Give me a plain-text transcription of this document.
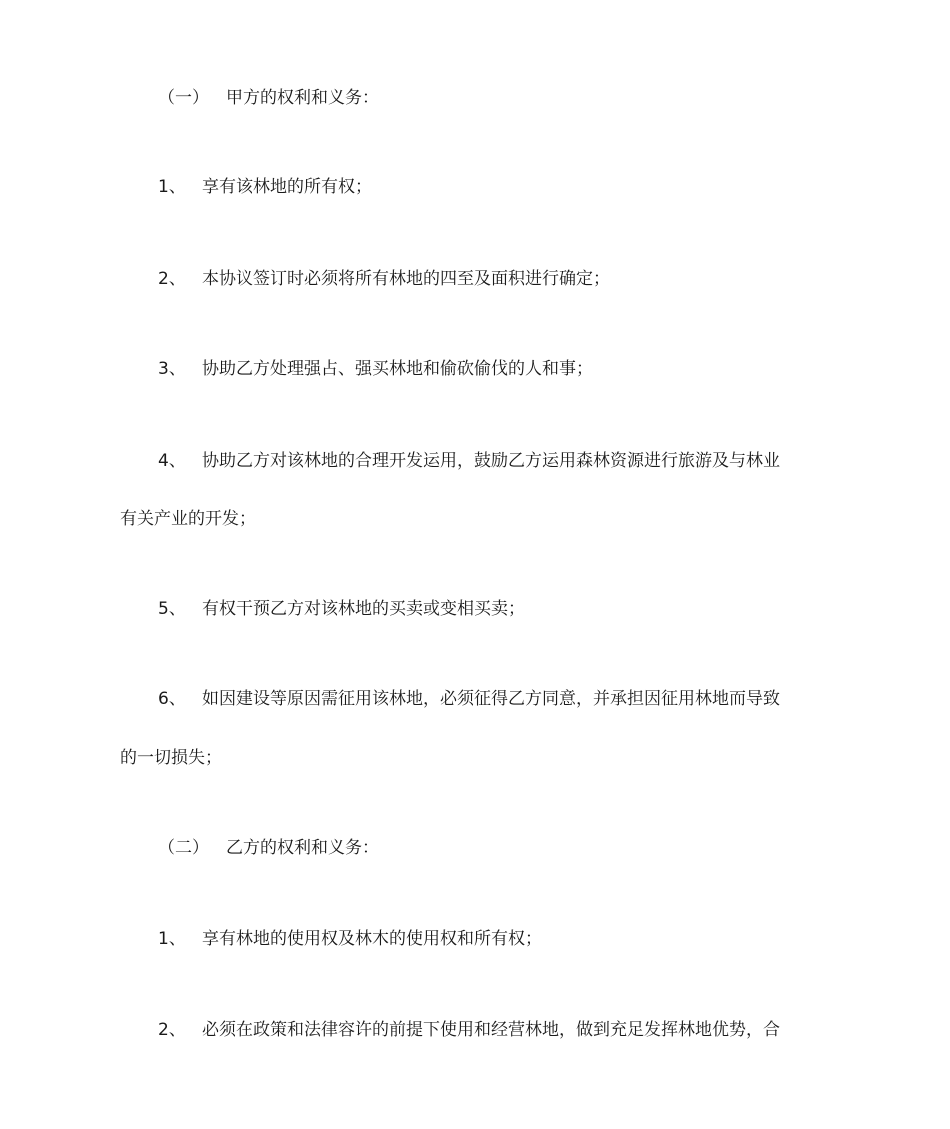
（一） 甲方的权利和义务：
1、 享有该林地的所有权；
2、 本协议签订时必须将所有林地的四至及面积进行确定；
3、 协助乙方处理强占、强买林地和偷砍偷伐的人和事；
4、 协助乙方对该林地的合理开发运用，鼓励乙方运用森林资源进行旅游及与林业
有关产业的开发；
5、 有权干预乙方对该林地的买卖或变相买卖；
6、 如因建设等原因需征用该林地，必须征得乙方同意，并承担因征用林地而导致
的一切损失；
（二） 乙方的权利和义务：
1、 享有林地的使用权及林木的使用权和所有权；
2、 必须在政策和法律容许的前提下使用和经营林地，做到充足发挥林地优势，合
